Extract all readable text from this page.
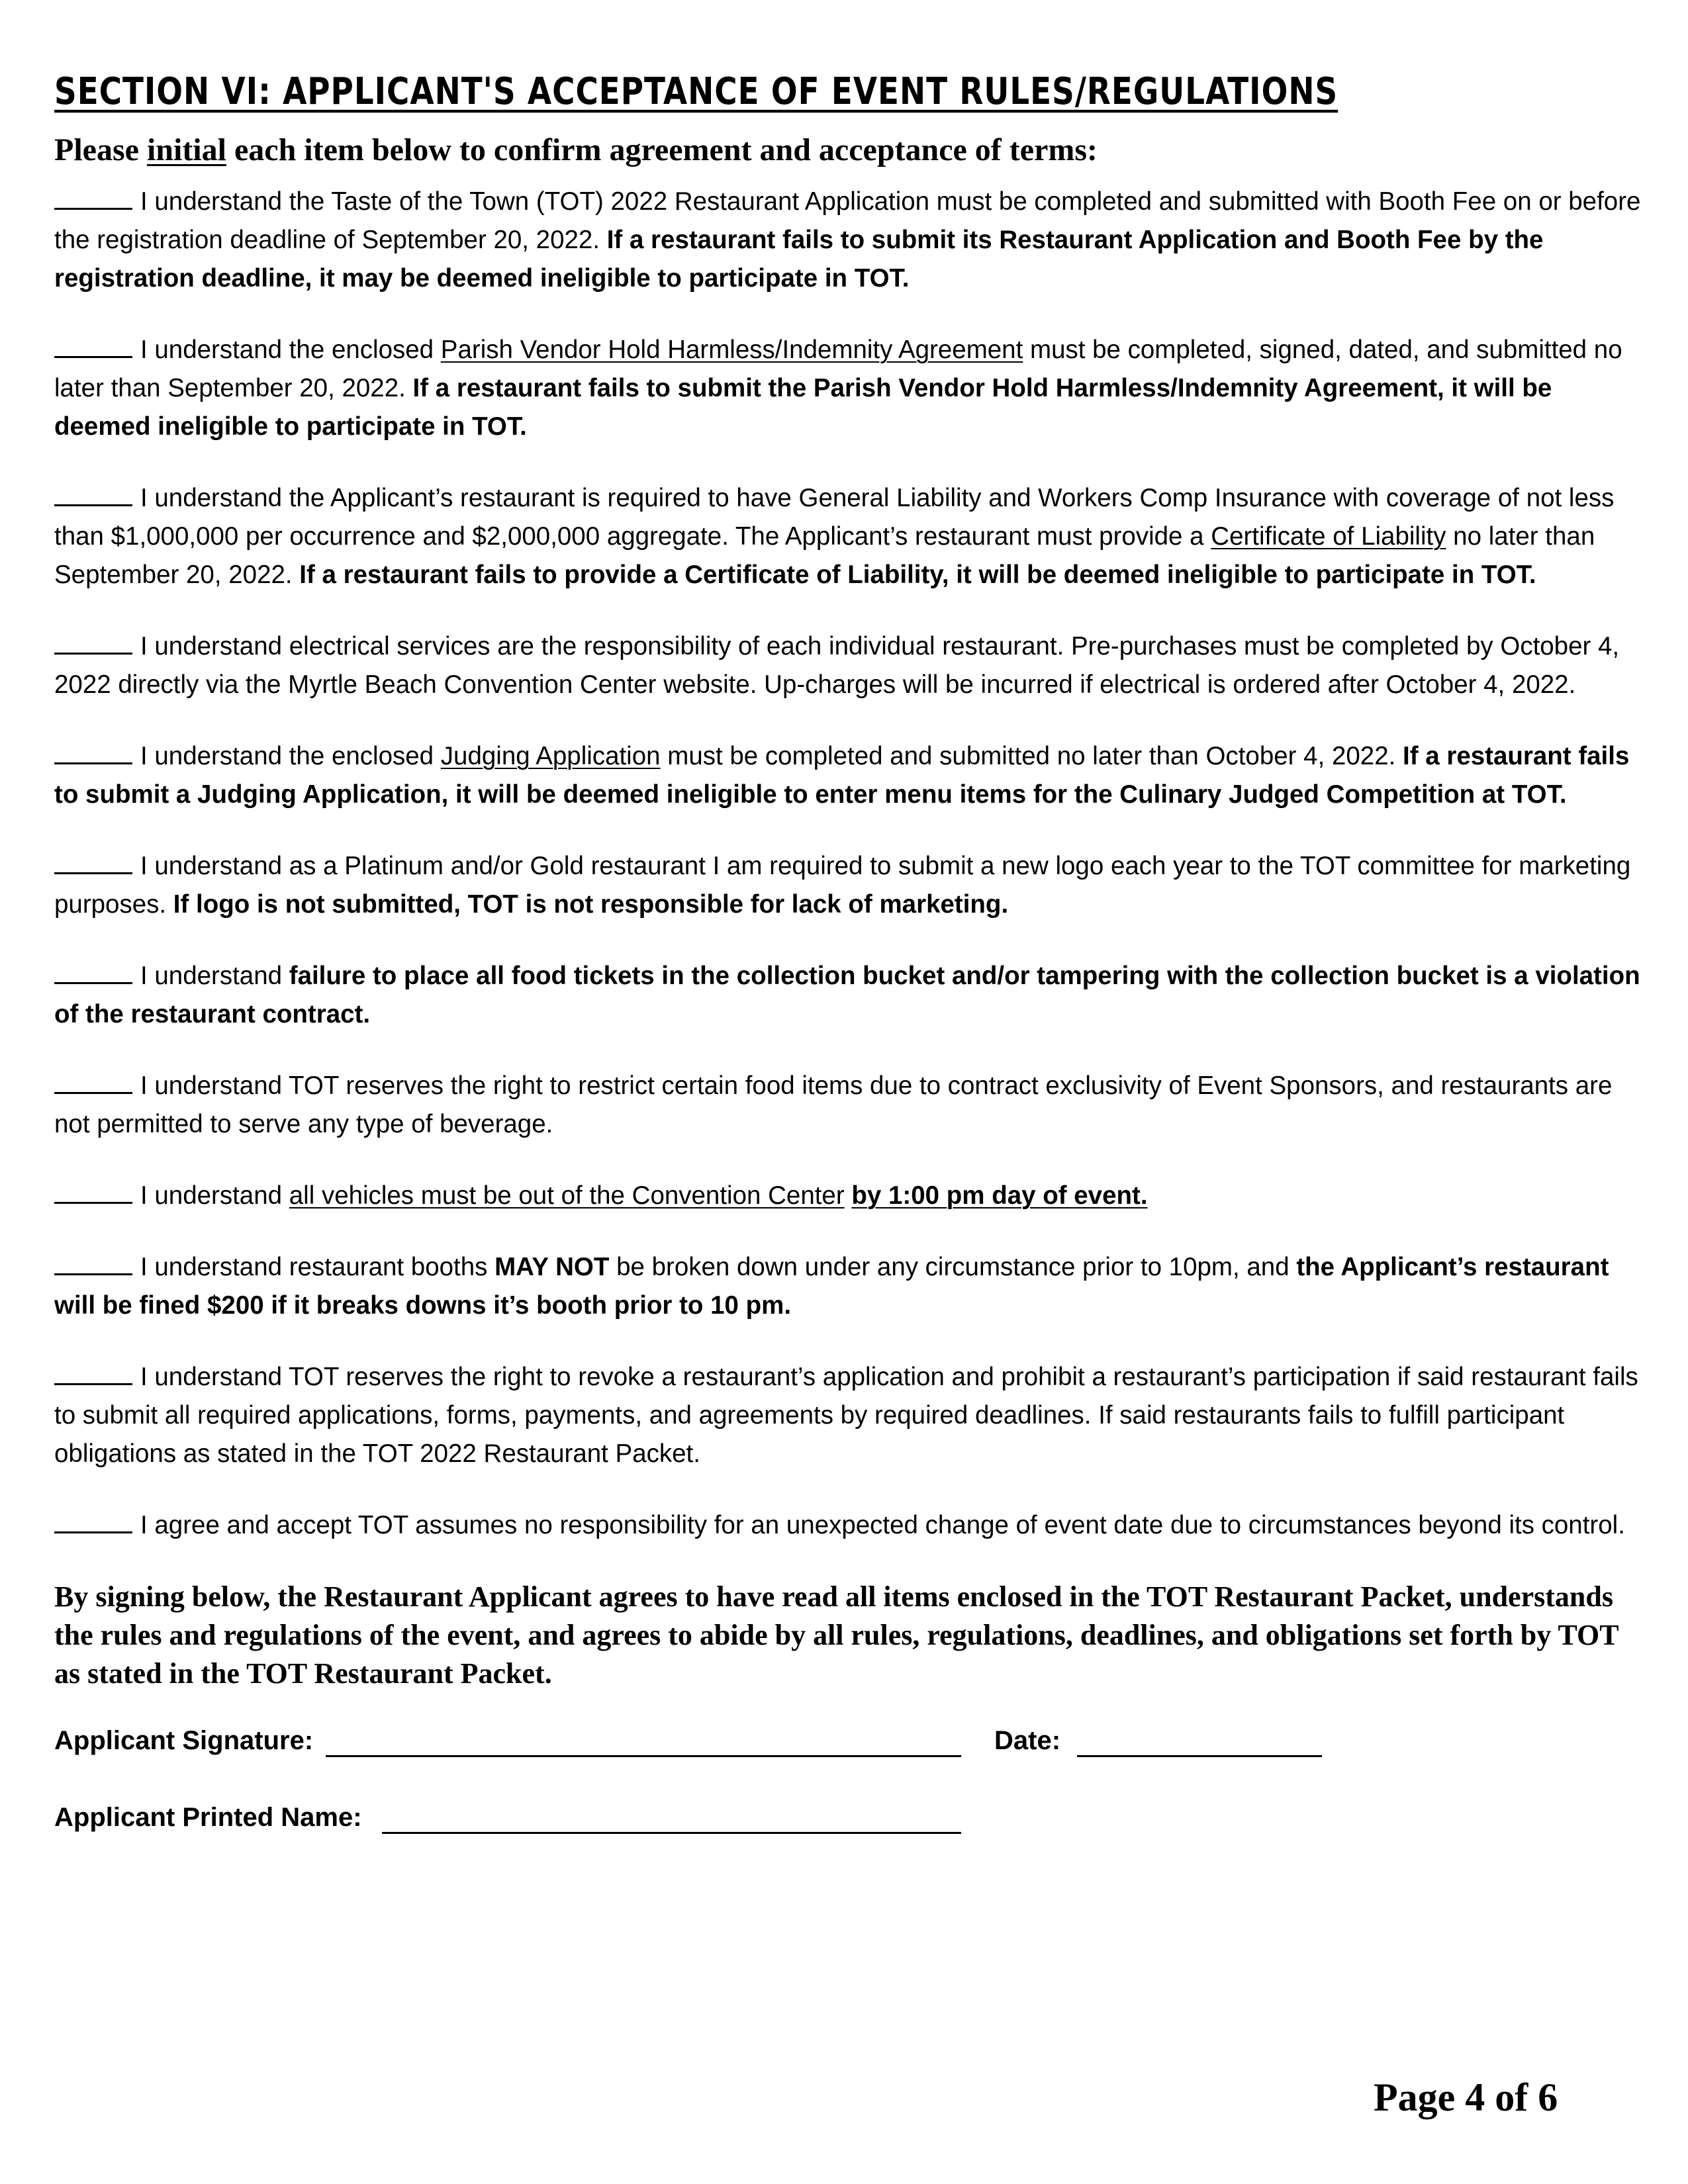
SECTION VI: APPLICANT'S ACCEPTANCE OF EVENT RULES/REGULATIONS

Please initial each item below to confirm agreement and acceptance of terms:

I understand the Taste of the Town (TOT) 2022 Restaurant Application must be completed and submitted with Booth Fee on or before the registration deadline of September 20, 2022. If a restaurant fails to submit its Restaurant Application and Booth Fee by the registration deadline, it may be deemed ineligible to participate in TOT.

I understand the enclosed Parish Vendor Hold Harmless/Indemnity Agreement must be completed, signed, dated, and submitted no later than September 20, 2022. If a restaurant fails to submit the Parish Vendor Hold Harmless/Indemnity Agreement, it will be deemed ineligible to participate in TOT.

I understand the Applicant’s restaurant is required to have General Liability and Workers Comp Insurance with coverage of not less than $1,000,000 per occurrence and $2,000,000 aggregate. The Applicant’s restaurant must provide a Certificate of Liability no later than September 20, 2022. If a restaurant fails to provide a Certificate of Liability, it will be deemed ineligible to participate in TOT.

I understand electrical services are the responsibility of each individual restaurant. Pre-purchases must be completed by October 4, 2022 directly via the Myrtle Beach Convention Center website. Up-charges will be incurred if electrical is ordered after October 4, 2022.

I understand the enclosed Judging Application must be completed and submitted no later than October 4, 2022. If a restaurant fails to submit a Judging Application, it will be deemed ineligible to enter menu items for the Culinary Judged Competition at TOT.

I understand as a Platinum and/or Gold restaurant I am required to submit a new logo each year to the TOT committee for marketing purposes. If logo is not submitted, TOT is not responsible for lack of marketing.

I understand failure to place all food tickets in the collection bucket and/or tampering with the collection bucket is a violation of the restaurant contract.

I understand TOT reserves the right to restrict certain food items due to contract exclusivity of Event Sponsors, and restaurants are not permitted to serve any type of beverage.

I understand all vehicles must be out of the Convention Center by 1:00 pm day of event.

I understand restaurant booths MAY NOT be broken down under any circumstance prior to 10pm, and the Applicant’s restaurant will be fined $200 if it breaks downs it’s booth prior to 10 pm.

I understand TOT reserves the right to revoke a restaurant’s application and prohibit a restaurant’s participation if said restaurant fails to submit all required applications, forms, payments, and agreements by required deadlines. If said restaurants fails to fulfill participant obligations as stated in the TOT 2022 Restaurant Packet.

I agree and accept TOT assumes no responsibility for an unexpected change of event date due to circumstances beyond its control.

By signing below, the Restaurant Applicant agrees to have read all items enclosed in the TOT Restaurant Packet, understands the rules and regulations of the event, and agrees to abide by all rules, regulations, deadlines, and obligations set forth by TOT as stated in the TOT Restaurant Packet.

Applicant Signature:	Date:
Applicant Printed Name:
Page 4 of 6
